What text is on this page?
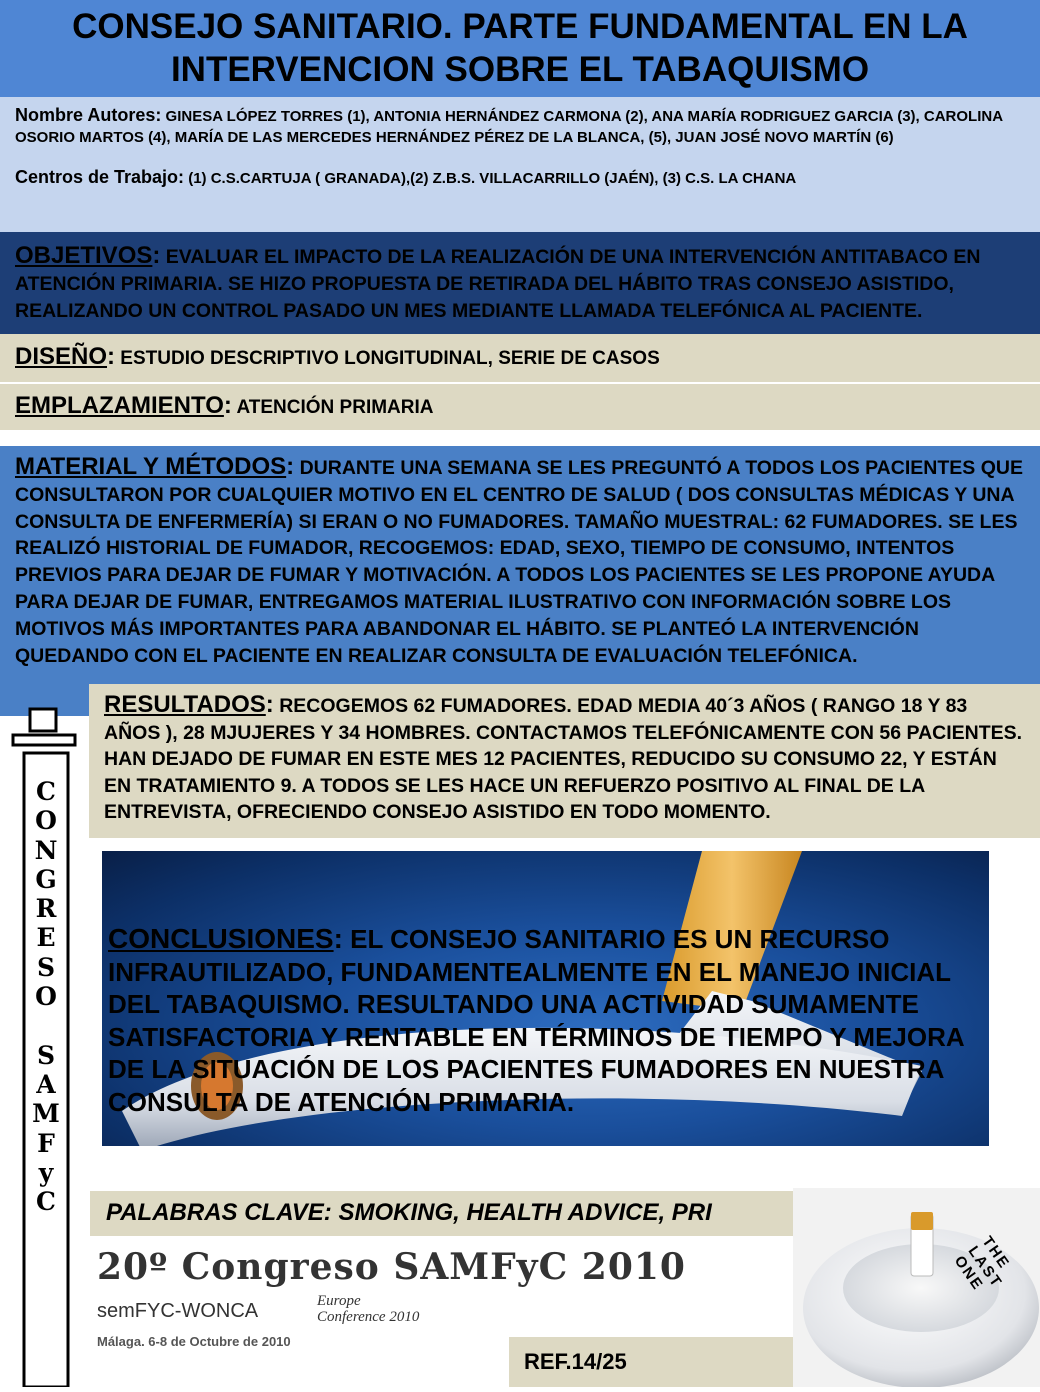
CONSEJO SANITARIO. PARTE FUNDAMENTAL EN LA
INTERVENCION SOBRE EL TABAQUISMO
Nombre Autores: GINESA LÓPEZ TORRES (1), ANTONIA HERNÁNDEZ CARMONA (2), ANA MARÍA RODRIGUEZ GARCIA (3), CAROLINA OSORIO MARTOS (4), MARÍA DE LAS MERCEDES HERNÁNDEZ PÉREZ DE LA BLANCA, (5), JUAN JOSÉ NOVO MARTÍN (6)
Centros de Trabajo: (1) C.S.CARTUJA ( GRANADA),(2) Z.B.S. VILLACARRILLO (JAÉN), (3) C.S. LA CHANA
OBJETIVOS: EVALUAR EL IMPACTO DE LA REALIZACIÓN DE UNA INTERVENCIÓN ANTITABACO EN ATENCIÓN PRIMARIA. SE HIZO PROPUESTA DE RETIRADA DEL HÁBITO TRAS CONSEJO ASISTIDO, REALIZANDO UN CONTROL PASADO UN MES MEDIANTE LLAMADA TELEFÓNICA AL PACIENTE.
DISEÑO: ESTUDIO DESCRIPTIVO LONGITUDINAL, SERIE DE CASOS
EMPLAZAMIENTO: ATENCIÓN PRIMARIA
MATERIAL Y MÉTODOS: DURANTE UNA SEMANA SE LES PREGUNTÓ A TODOS LOS PACIENTES QUE CONSULTARON POR CUALQUIER MOTIVO EN EL CENTRO DE SALUD ( DOS CONSULTAS MÉDICAS Y UNA CONSULTA DE ENFERMERÍA) SI ERAN O NO FUMADORES. TAMAÑO MUESTRAL: 62 FUMADORES. SE LES REALIZÓ HISTORIAL DE FUMADOR, RECOGEMOS: EDAD, SEXO, TIEMPO DE CONSUMO, INTENTOS PREVIOS PARA DEJAR DE FUMAR Y MOTIVACIÓN. A TODOS LOS PACIENTES SE LES PROPONE AYUDA PARA DEJAR DE FUMAR, ENTREGAMOS MATERIAL ILUSTRATIVO CON INFORMACIÓN SOBRE LOS MOTIVOS MÁS IMPORTANTES PARA ABANDONAR EL HÁBITO. SE PLANTEÓ LA INTERVENCIÓN QUEDANDO CON EL PACIENTE EN REALIZAR CONSULTA DE EVALUACIÓN TELEFÓNICA.
C
O
N
G
R
E
S
O

S
A
M
F
y
C
RESULTADOS: RECOGEMOS 62 FUMADORES. EDAD MEDIA 40´3 AÑOS ( RANGO 18 Y 83 AÑOS ), 28 MJUJERES Y 34 HOMBRES. CONTACTAMOS TELEFÓNICAMENTE CON 56 PACIENTES. HAN DEJADO DE FUMAR EN ESTE MES 12 PACIENTES, REDUCIDO SU CONSUMO 22, Y ESTÁN EN TRATAMIENTO 9. A TODOS SE LES HACE UN REFUERZO POSITIVO AL FINAL DE LA ENTREVISTA, OFRECIENDO CONSEJO ASISTIDO EN TODO MOMENTO.
CONCLUSIONES: EL CONSEJO SANITARIO ES UN RECURSO INFRAUTILIZADO, FUNDAMENTEALMENTE EN EL MANEJO INICIAL DEL TABAQUISMO. RESULTANDO UNA ACTIVIDAD SUMAMENTE SATISFACTORIA Y RENTABLE EN TÉRMINOS DE TIEMPO Y MEJORA DE LA SITUACIÓN DE LOS PACIENTES FUMADORES EN NUESTRA CONSULTA DE ATENCIÓN PRIMARIA.
PALABRAS CLAVE: SMOKING, HEALTH ADVICE, PRI
20º Congreso SAMFyC 2010
semFYC-WONCA	Europe
Conference 2010
Málaga. 6-8 de Octubre de 2010
REF.14/25
THE LAST ONE
